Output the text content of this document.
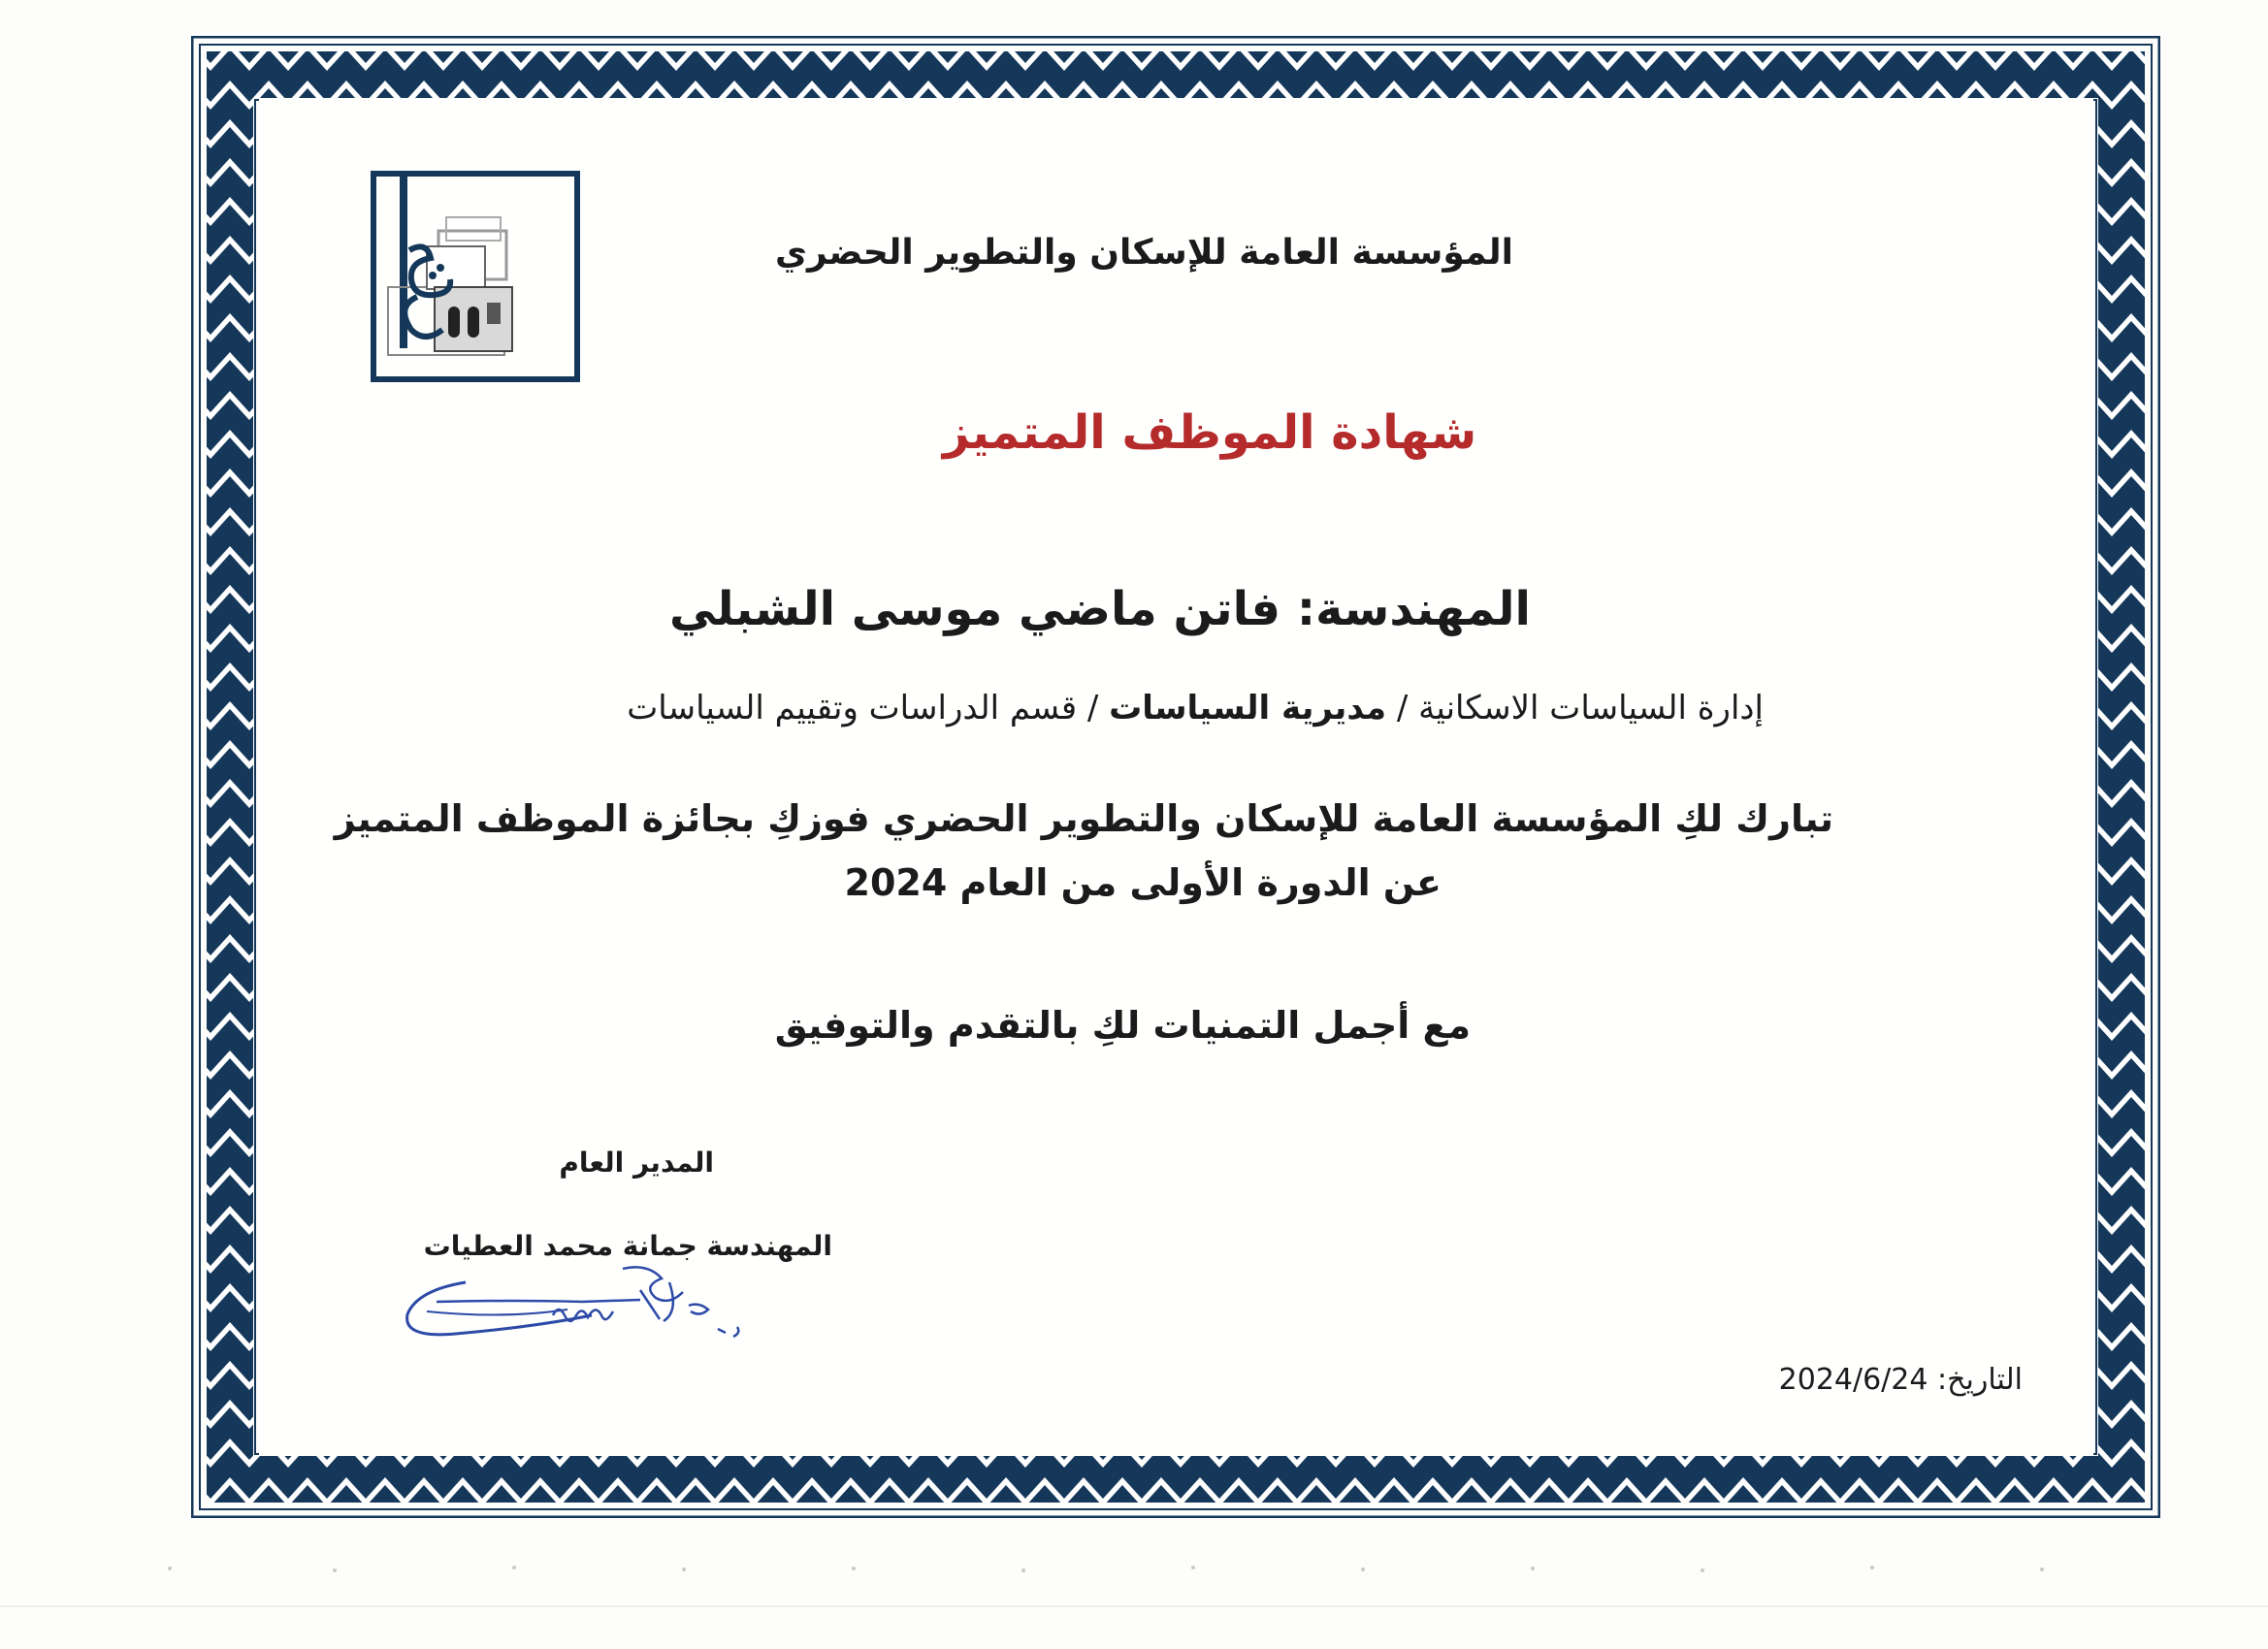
المؤسسة العامة للإسكان والتطوير الحضري
شهادة الموظف المتميز
المهندسة: فاتن ماضي موسى الشبلي
إدارة السياسات الاسكانية / مديرية السياسات / قسم الدراسات وتقييم السياسات
تبارك لكِ المؤسسة العامة للإسكان والتطوير الحضري فوزكِ بجائزة الموظف المتميز
عن الدورة الأولى من العام 2024
مع أجمل التمنيات لكِ بالتقدم والتوفيق
المدير العام
المهندسة جمانة محمد العطيات
التاريخ: 2024/6/24
